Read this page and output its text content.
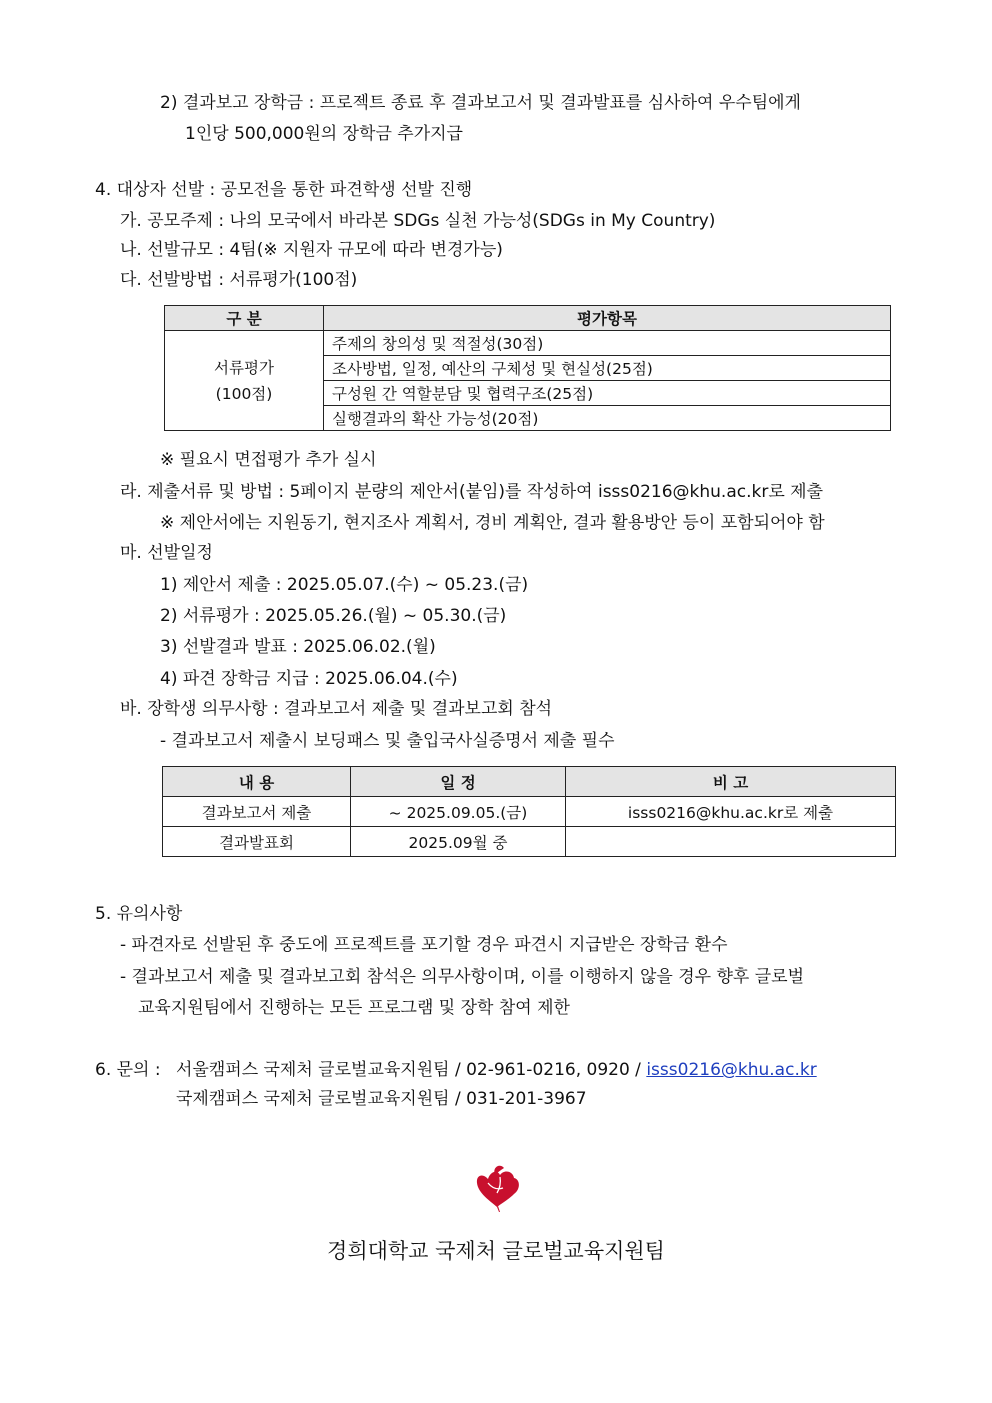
2) 결과보고 장학금 : 프로젝트 종료 후 결과보고서 및 결과발표를 심사하여 우수팀에게
1인당 500,000원의 장학금 추가지급
4. 대상자 선발 : 공모전을 통한 파견학생 선발 진행
가. 공모주제 : 나의 모국에서 바라본 SDGs 실천 가능성(SDGs in My Country)
나. 선발규모 : 4팀(※ 지원자 규모에 따라 변경가능)
다. 선발방법 : 서류평가(100점)
구 분	평가항목

서류평가
(100점)	주제의 창의성 및 적절성(30점)
	조사방법, 일정, 예산의 구체성 및 현실성(25점)
	구성원 간 역할분담 및 협력구조(25점)
	실행결과의 확산 가능성(20점)
※ 필요시 면접평가 추가 실시
라. 제출서류 및 방법 : 5페이지 분량의 제안서(붙임)를 작성하여 isss0216@khu.ac.kr로 제출
※ 제안서에는 지원동기, 현지조사 계획서, 경비 계획안, 결과 활용방안 등이 포함되어야 함
마. 선발일정
1) 제안서 제출 : 2025.05.07.(수) ~ 05.23.(금)
2) 서류평가 : 2025.05.26.(월) ~ 05.30.(금)
3) 선발결과 발표 : 2025.06.02.(월)
4) 파견 장학금 지급 : 2025.06.04.(수)
바. 장학생 의무사항 : 결과보고서 제출 및 결과보고회 참석
- 결과보고서 제출시 보딩패스 및 출입국사실증명서 제출 필수
내 용	일 정	비 고
결과보고서 제출	~ 2025.09.05.(금)	isss0216@khu.ac.kr로 제출
결과발표회	2025.09월 중	
5. 유의사항
- 파견자로 선발된 후 중도에 프로젝트를 포기할 경우 파견시 지급받은 장학금 환수
- 결과보고서 제출 및 결과보고회 참석은 의무사항이며, 이를 이행하지 않을 경우 향후 글로벌
교육지원팀에서 진행하는 모든 프로그램 및 장학 참여 제한
6. 문의 : 서울캠퍼스 국제처 글로벌교육지원팀 / 02-961-0216, 0920 / isss0216@khu.ac.kr
국제캠퍼스 국제처 글로벌교육지원팀 / 031-201-3967
경희대학교 국제처 글로벌교육지원팀
